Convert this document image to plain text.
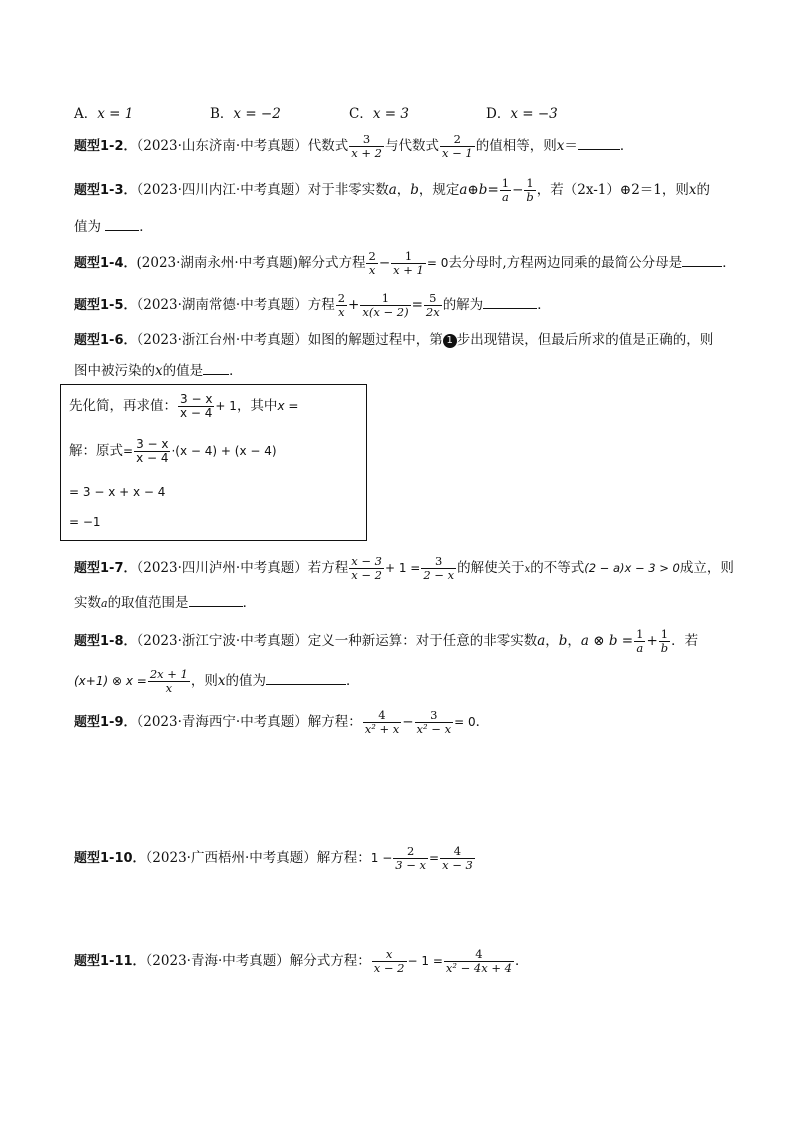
A．x = 1	B．x = −2	C．x = 3	D．x = −3
题型1-2．（2023·山东济南·中考真题）代数式 $\frac{3}{x + 2}$ 与代数式 $\frac{2}{x - 1}$ 的值相等，则x＝	．
题型1-3．（2023·四川内江·中考真题）对于非零实数a，b，规定a⊕b= $\frac{1}{a} - \frac{1}{b}$ ，若（2x-1）⊕2＝1，则x的
值为	．
题型1-4．(2023·湖南永州·中考真题)解分式方程 $\frac{2}{x} - \frac{1}{x + 1} = 0$去分母时,方程两边同乘的最简公分母是	．
题型1-5．（2023·湖南常德·中考真题）方程 $\frac{2}{x} + \frac{1}{x(x - 2)} = \frac{5}{2x}$ 的解为	．
题型1-6．（2023·浙江台州·中考真题）如图的解题过程中，第 1 步出现错误，但最后所求的值是正确的，则
图中被污染的x的值是 ．
先化简，再求值： $\frac{3 - x}{x - 4} + 1$，其中x =
解：原式= $\frac{3 - x}{x - 4} \cdot(x - 4) + (x - 4)$
= 3 − x + x − 4
= −1
题型1-7．（2023·四川泸州·中考真题）若方程 $\frac{x - 3}{x - 2} + 1 = \frac{3}{2 - x}$ 的解使关于x的不等式(2 − a)x − 3 > 0成立，则
实数a的取值范围是	．
题型1-8．（2023·浙江宁波·中考真题）定义一种新运算：对于任意的非零实数a，b，a ⊗ $b = \frac{1}{a} + \frac{1}{b}$ ．若
(x+1) ⊗ $x = \frac{2x + 1}{x}$ ，则x的值为	．
题型1-9．（2023·青海西宁·中考真题）解方程： $\frac{4}{\text{x² + x}} - \frac{3}{\text{x² − x}} = 0$．
题型1-10．（2023·广西梧州·中考真题）解方程：$1 - \frac{2}{3 - x} = \frac{4}{x - 3}$
题型1-11．（2023·青海·中考真题）解分式方程： $\frac{x}{x - 2} - 1 = \frac{4}{\text{x² − 4x + 4}}$ ．
